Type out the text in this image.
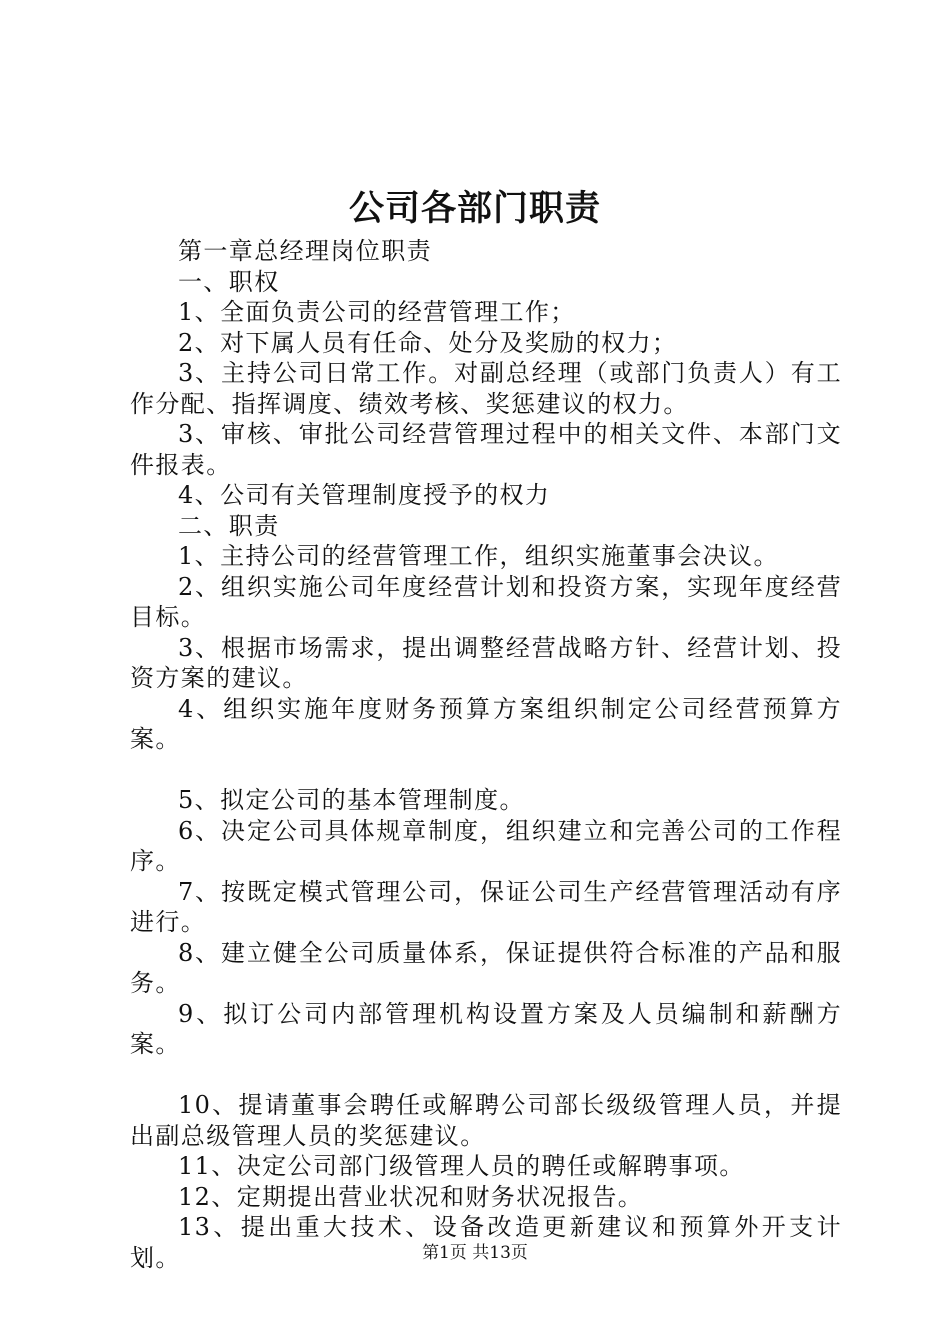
公司各部门职责

第一章总经理岗位职责

一、职权

1、全面负责公司的经营管理工作；

2、对下属人员有任命、处分及奖励的权力；

3、主持公司日常工作。对副总经理（或部门负责人）有工作分配、指挥调度、绩效考核、奖惩建议的权力。

3、审核、审批公司经营管理过程中的相关文件、本部门文件报表。

4、公司有关管理制度授予的权力

二、职责

1、主持公司的经营管理工作，组织实施董事会决议。

2、组织实施公司年度经营计划和投资方案，实现年度经营目标。

3、根据市场需求，提出调整经营战略方针、经营计划、投资方案的建议。

4、组织实施年度财务预算方案组织制定公司经营预算方案。

5、拟定公司的基本管理制度。

6、决定公司具体规章制度，组织建立和完善公司的工作程序。

7、按既定模式管理公司，保证公司生产经营管理活动有序进行。

8、建立健全公司质量体系，保证提供符合标准的产品和服务。

9、拟订公司内部管理机构设置方案及人员编制和薪酬方案。

10、提请董事会聘任或解聘公司部长级级管理人员，并提出副总级管理人员的奖惩建议。

11、决定公司部门级管理人员的聘任或解聘事项。

12、定期提出营业状况和财务状况报告。

13、提出重大技术、设备改造更新建议和预算外开支计划。	第1页 共13页
